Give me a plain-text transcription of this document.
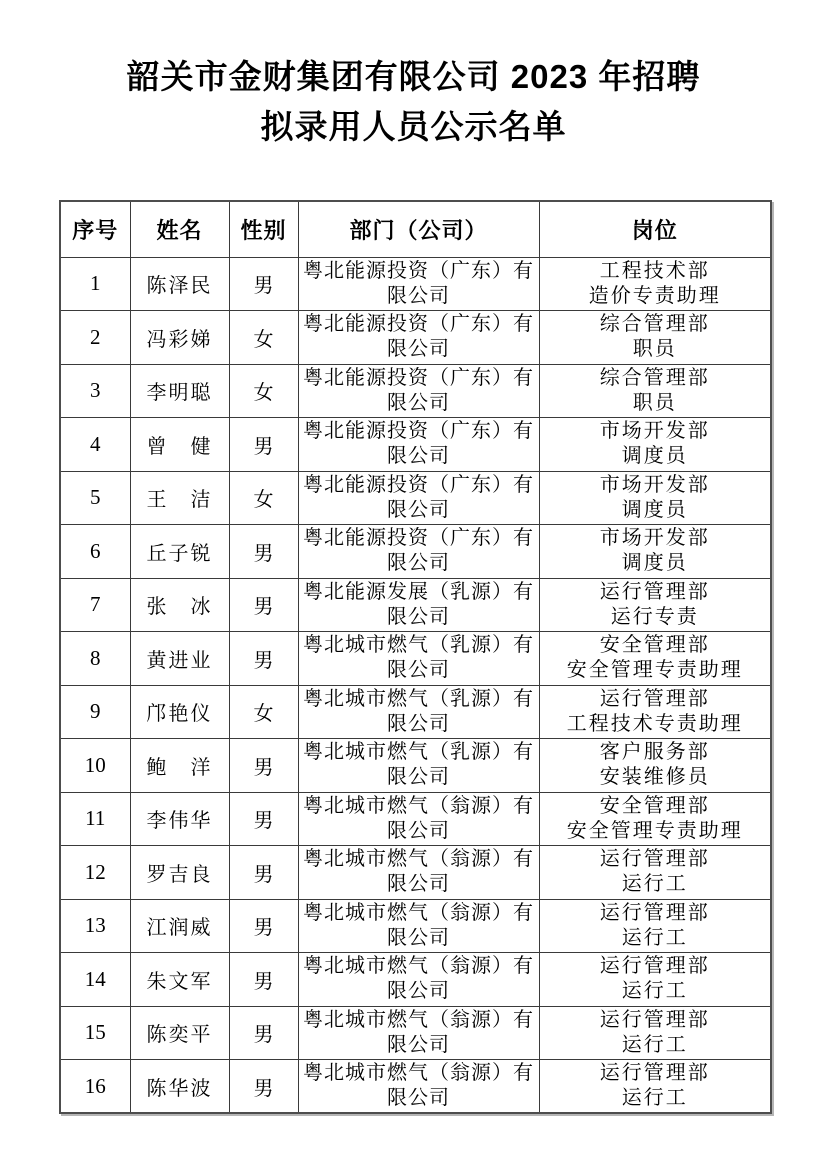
韶关市金财集团有限公司 2023 年招聘
拟录用人员公示名单
序号	姓名	性别	部门（公司）	岗位
1	陈泽民	男	粤北能源投资（广东）有限公司	工程技术部
造价专责助理

2	冯彩娣	女	粤北能源投资（广东）有限公司	综合管理部
职员

3	李明聪	女	粤北能源投资（广东）有限公司	综合管理部
职员

4	曾　健	男	粤北能源投资（广东）有限公司	市场开发部
调度员

5	王　洁	女	粤北能源投资（广东）有限公司	市场开发部
调度员

6	丘子锐	男	粤北能源投资（广东）有限公司	市场开发部
调度员

7	张　冰	男	粤北能源发展（乳源）有限公司	运行管理部
运行专责

8	黄进业	男	粤北城市燃气（乳源）有限公司	安全管理部
安全管理专责助理

9	邝艳仪	女	粤北城市燃气（乳源）有限公司	运行管理部
工程技术专责助理

10	鲍　洋	男	粤北城市燃气（乳源）有限公司	客户服务部
安装维修员

11	李伟华	男	粤北城市燃气（翁源）有限公司	安全管理部
安全管理专责助理

12	罗吉良	男	粤北城市燃气（翁源）有限公司	运行管理部
运行工

13	江润威	男	粤北城市燃气（翁源）有限公司	运行管理部
运行工

14	朱文军	男	粤北城市燃气（翁源）有限公司	运行管理部
运行工

15	陈奕平	男	粤北城市燃气（翁源）有限公司	运行管理部
运行工

16	陈华波	男	粤北城市燃气（翁源）有限公司	运行管理部
运行工
